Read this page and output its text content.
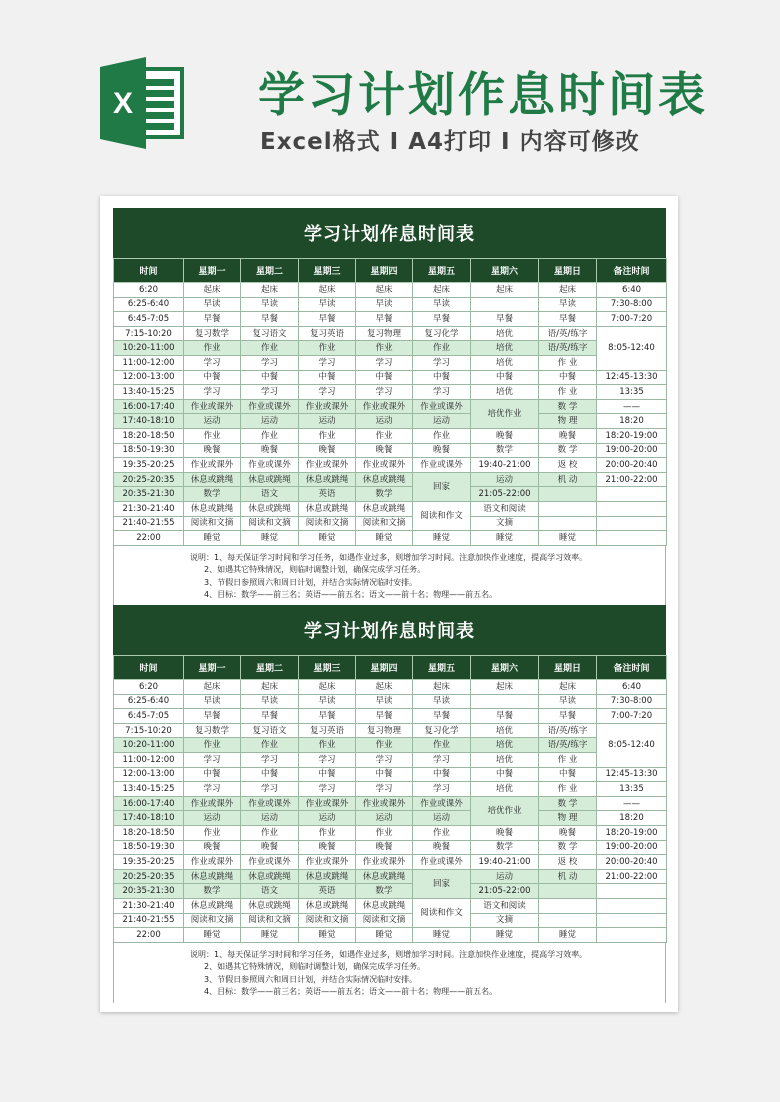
X	学习计划作息时间表
Excel格式 I A4打印 I 内容可修改
学习计划作息时间表
时间	星期一	星期二	星期三	星期四	星期五	星期六	星期日	备注时间
6:20	起床	起床	起床	起床	起床	起床	起床	6:40
6:25-6:40	早读	早读	早读	早读	早读		早读	7:30-8:00
6:45-7:05	早餐	早餐	早餐	早餐	早餐	早餐	早餐	7:00-7:20
7:15-10:20	复习数学	复习语文	复习英语	复习物理	复习化学	培优	语/英/练字	8:05-12:40
10:20-11:00	作业	作业	作业	作业	作业	培优	语/英/练字	
11:00-12:00	学习	学习	学习	学习	学习	培优	作 业	
12:00-13:00	中餐	中餐	中餐	中餐	中餐	中餐	中餐	12:45-13:30
13:40-15:25	学习	学习	学习	学习	学习	培优	作 业	13:35
16:00-17:40	作业或课外	作业或课外	作业或课外	作业或课外	作业或课外	培优作业	数 学	——
17:40-18:10	运动	运动	运动	运动	运动		物 理	18:20
18:20-18:50	作业	作业	作业	作业	作业	晚餐	晚餐	18:20-19:00
18:50-19:30	晚餐	晚餐	晚餐	晚餐	晚餐	数学	数 学	19:00-20:00
19:35-20:25	作业或课外	作业或课外	作业或课外	作业或课外	作业或课外	19:40-21:00	返 校	20:00-20:40
20:25-20:35	休息或跳绳	休息或跳绳	休息或跳绳	休息或跳绳	回家	运动	机 动	21:00-22:00
20:35-21:30	数学	语文	英语	数学		21:05-22:00		
21:30-21:40	休息或跳绳	休息或跳绳	休息或跳绳	休息或跳绳	阅读和作文	语文和阅读		
21:40-21:55	阅读和文摘	阅读和文摘	阅读和文摘	阅读和文摘		文摘		
22:00	睡觉	睡觉	睡觉	睡觉	睡觉	睡觉	睡觉	
说明：1、每天保证学习时间和学习任务，如遇作业过多，则增加学习时间。注意加快作业速度，提高学习效率。
2、如遇其它特殊情况，则临时调整计划，确保完成学习任务。
3、节假日参照周六和周日计划，并结合实际情况临时安排。
4、目标：数学——前三名；英语——前五名；语文——前十名；物理——前五名。
学习计划作息时间表
时间	星期一	星期二	星期三	星期四	星期五	星期六	星期日	备注时间
6:20	起床	起床	起床	起床	起床	起床	起床	6:40
6:25-6:40	早读	早读	早读	早读	早读		早读	7:30-8:00
6:45-7:05	早餐	早餐	早餐	早餐	早餐	早餐	早餐	7:00-7:20
7:15-10:20	复习数学	复习语文	复习英语	复习物理	复习化学	培优	语/英/练字	8:05-12:40
10:20-11:00	作业	作业	作业	作业	作业	培优	语/英/练字	
11:00-12:00	学习	学习	学习	学习	学习	培优	作 业	
12:00-13:00	中餐	中餐	中餐	中餐	中餐	中餐	中餐	12:45-13:30
13:40-15:25	学习	学习	学习	学习	学习	培优	作 业	13:35
16:00-17:40	作业或课外	作业或课外	作业或课外	作业或课外	作业或课外	培优作业	数 学	——
17:40-18:10	运动	运动	运动	运动	运动		物 理	18:20
18:20-18:50	作业	作业	作业	作业	作业	晚餐	晚餐	18:20-19:00
18:50-19:30	晚餐	晚餐	晚餐	晚餐	晚餐	数学	数 学	19:00-20:00
19:35-20:25	作业或课外	作业或课外	作业或课外	作业或课外	作业或课外	19:40-21:00	返 校	20:00-20:40
20:25-20:35	休息或跳绳	休息或跳绳	休息或跳绳	休息或跳绳	回家	运动	机 动	21:00-22:00
20:35-21:30	数学	语文	英语	数学		21:05-22:00		
21:30-21:40	休息或跳绳	休息或跳绳	休息或跳绳	休息或跳绳	阅读和作文	语文和阅读		
21:40-21:55	阅读和文摘	阅读和文摘	阅读和文摘	阅读和文摘		文摘		
22:00	睡觉	睡觉	睡觉	睡觉	睡觉	睡觉	睡觉	
说明：1、每天保证学习时间和学习任务，如遇作业过多，则增加学习时间。注意加快作业速度，提高学习效率。
2、如遇其它特殊情况，则临时调整计划，确保完成学习任务。
3、节假日参照周六和周日计划，并结合实际情况临时安排。
4、目标：数学——前三名；英语——前五名；语文——前十名；物理——前五名。
